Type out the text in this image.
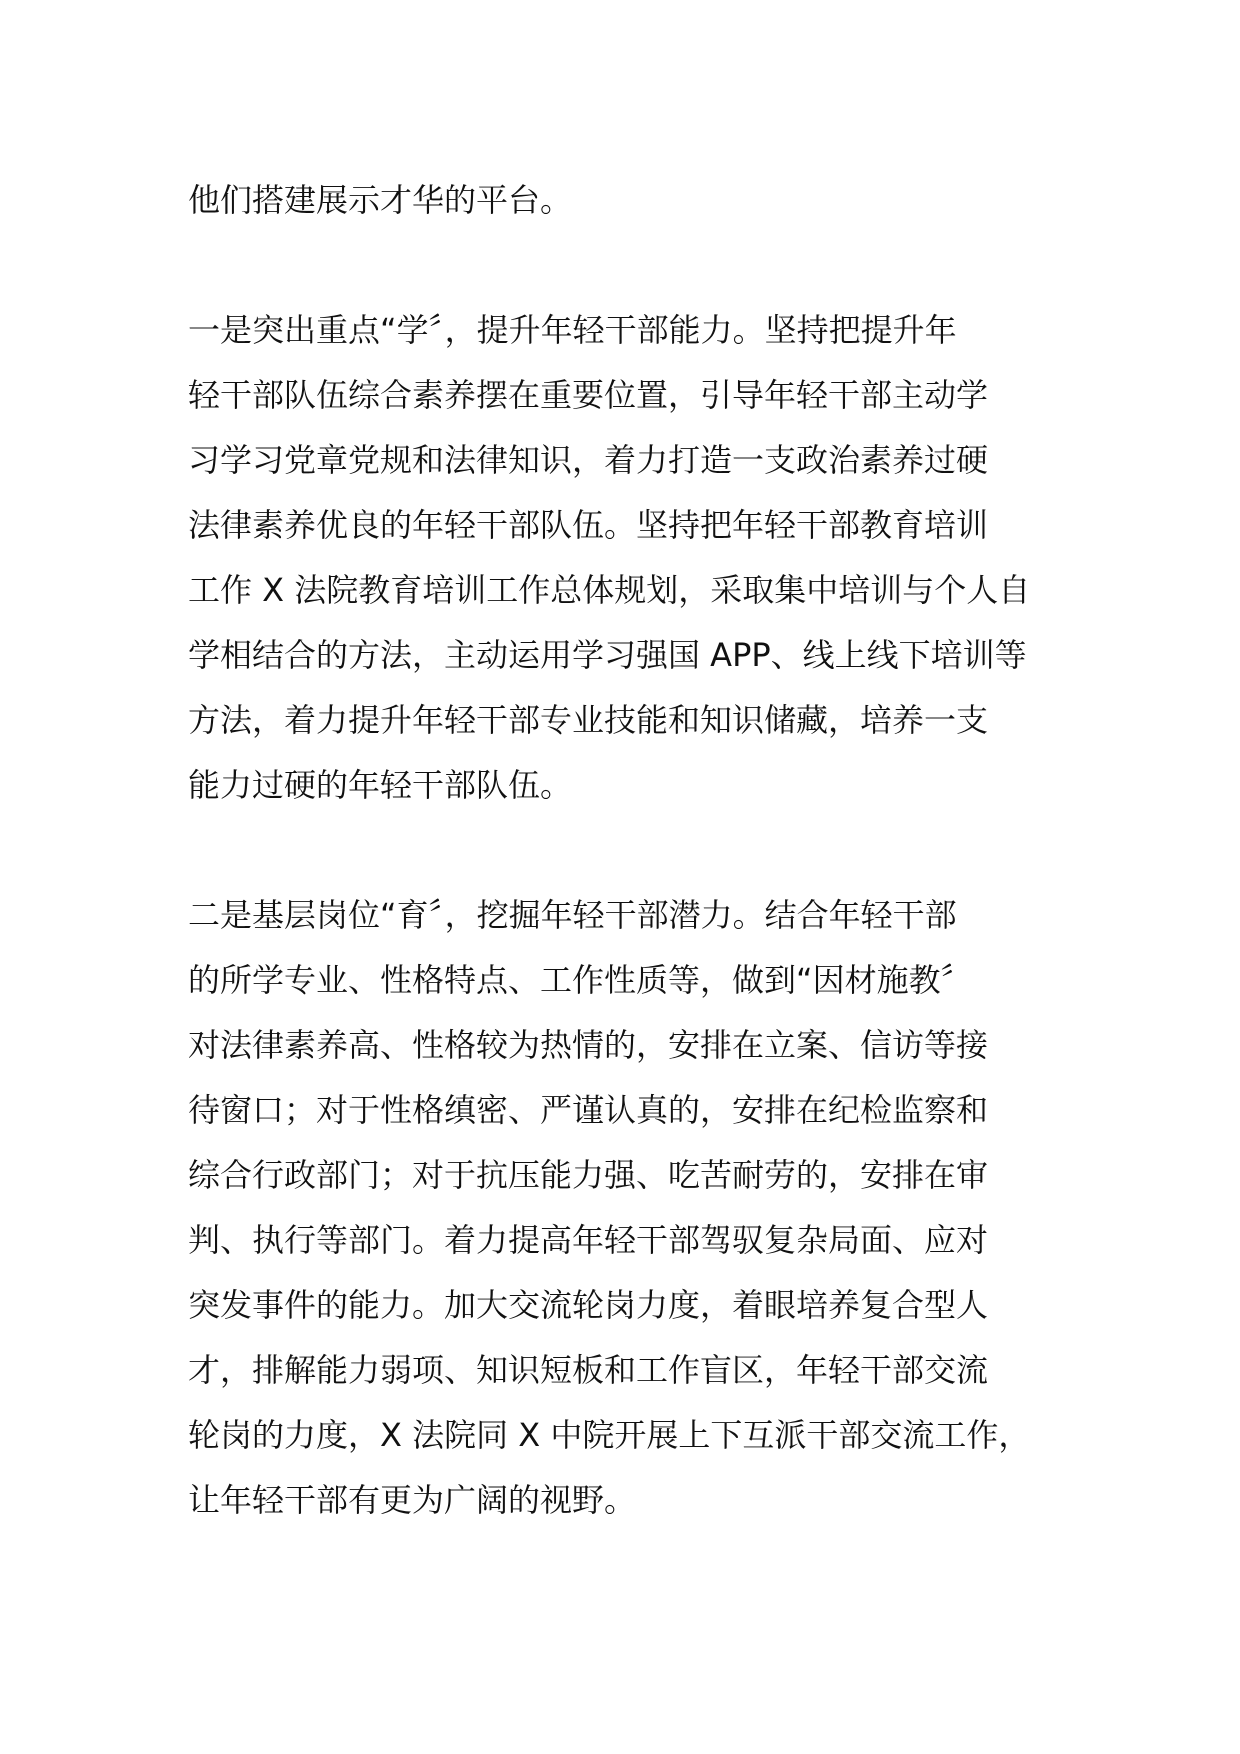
他们搭建展示才华的平台。

一是突出重点“学〞，提升年轻干部能力。坚持把提升年
轻干部队伍综合素养摆在重要位置，引导年轻干部主动学
习学习党章党规和法律知识，着力打造一支政治素养过硬
法律素养优良的年轻干部队伍。坚持把年轻干部教育培训
工作 X 法院教育培训工作总体规划，采取集中培训与个人自
学相结合的方法，主动运用学习强国 APP、线上线下培训等
方法，着力提升年轻干部专业技能和知识储藏，培养一支
能力过硬的年轻干部队伍。

二是基层岗位“育〞，挖掘年轻干部潜力。结合年轻干部
的所学专业、性格特点、工作性质等，做到“因材施教〞
对法律素养高、性格较为热情的，安排在立案、信访等接
待窗口；对于性格缜密、严谨认真的，安排在纪检监察和
综合行政部门；对于抗压能力强、吃苦耐劳的，安排在审
判、执行等部门。着力提高年轻干部驾驭复杂局面、应对
突发事件的能力。加大交流轮岗力度，着眼培养复合型人
才，排解能力弱项、知识短板和工作盲区，年轻干部交流
轮岗的力度，X 法院同 X 中院开展上下互派干部交流工作，
让年轻干部有更为广阔的视野。
